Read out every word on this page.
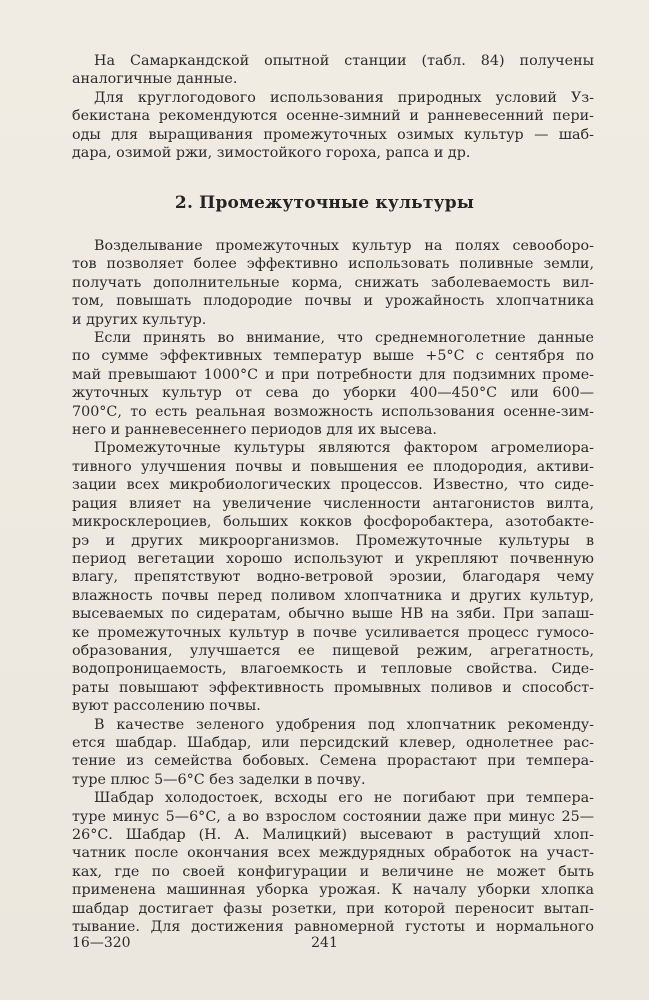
На Самаркандской опытной станции (табл. 84) получены
аналогичные данные.
Для круглогодового использования природных условий Уз-
бекистана рекомендуются осенне-зимний и ранневесенний пери-
оды для выращивания промежуточных озимых культур — шаб-
дара, озимой ржи, зимостойкого гороха, рапса и др.
2. Промежуточные культуры
Возделывание промежуточных культур на полях севооборо-
тов позволяет более эффективно использовать поливные земли,
получать дополнительные корма, снижать заболеваемость вил-
том, повышать плодородие почвы и урожайность хлопчатника
и других культур.
Если принять во внимание, что среднемноголетние данные
по сумме эффективных температур выше +5°С с сентября по
май превышают 1000°С и при потребности для подзимних проме-
жуточных культур от сева до уборки 400—450°С или 600—
700°С, то есть реальная возможность использования осенне-зим-
него и ранневесеннего периодов для их высева.
Промежуточные культуры являются фактором агромелиора-
тивного улучшения почвы и повышения ее плодородия, активи-
зации всех микробиологических процессов. Известно, что сиде-
рация влияет на увеличение численности антагонистов вилта,
микросклероциев, больших кокков фосфоробактера, азотобакте-
рэ и других микроорганизмов. Промежуточные культуры в
период вегетации хорошо используют и укрепляют почвенную
влагу, препятствуют водно-ветровой эрозии, благодаря чему
влажность почвы перед поливом хлопчатника и других культур,
высеваемых по сидератам, обычно выше НВ на зяби. При запаш-
ке промежуточных культур в почве усиливается процесс гумосо-
образования, улучшается ее пищевой режим, агрегатность,
водопроницаемость, влагоемкость и тепловые свойства. Сиде-
раты повышают эффективность промывных поливов и способст-
вуют рассолению почвы.
В качестве зеленого удобрения под хлопчатник рекоменду-
ется шабдар. Шабдар, или персидский клевер, однолетнее рас-
тение из семейства бобовых. Семена прорастают при темпера-
туре плюс 5—6°С без заделки в почву.
Шабдар холодостоек, всходы его не погибают при темпера-
туре минус 5—6°С, а во взрослом состоянии даже при минус 25—
26°С. Шабдар (Н. А. Малицкий) высевают в растущий хлоп-
чатник после окончания всех междурядных обработок на участ-
ках, где по своей конфигурации и величине не может быть
применена машинная уборка урожая. К началу уборки хлопка
шабдар достигает фазы розетки, при которой переносит вытап-
тывание. Для достижения равномерной густоты и нормального
16—320	241
